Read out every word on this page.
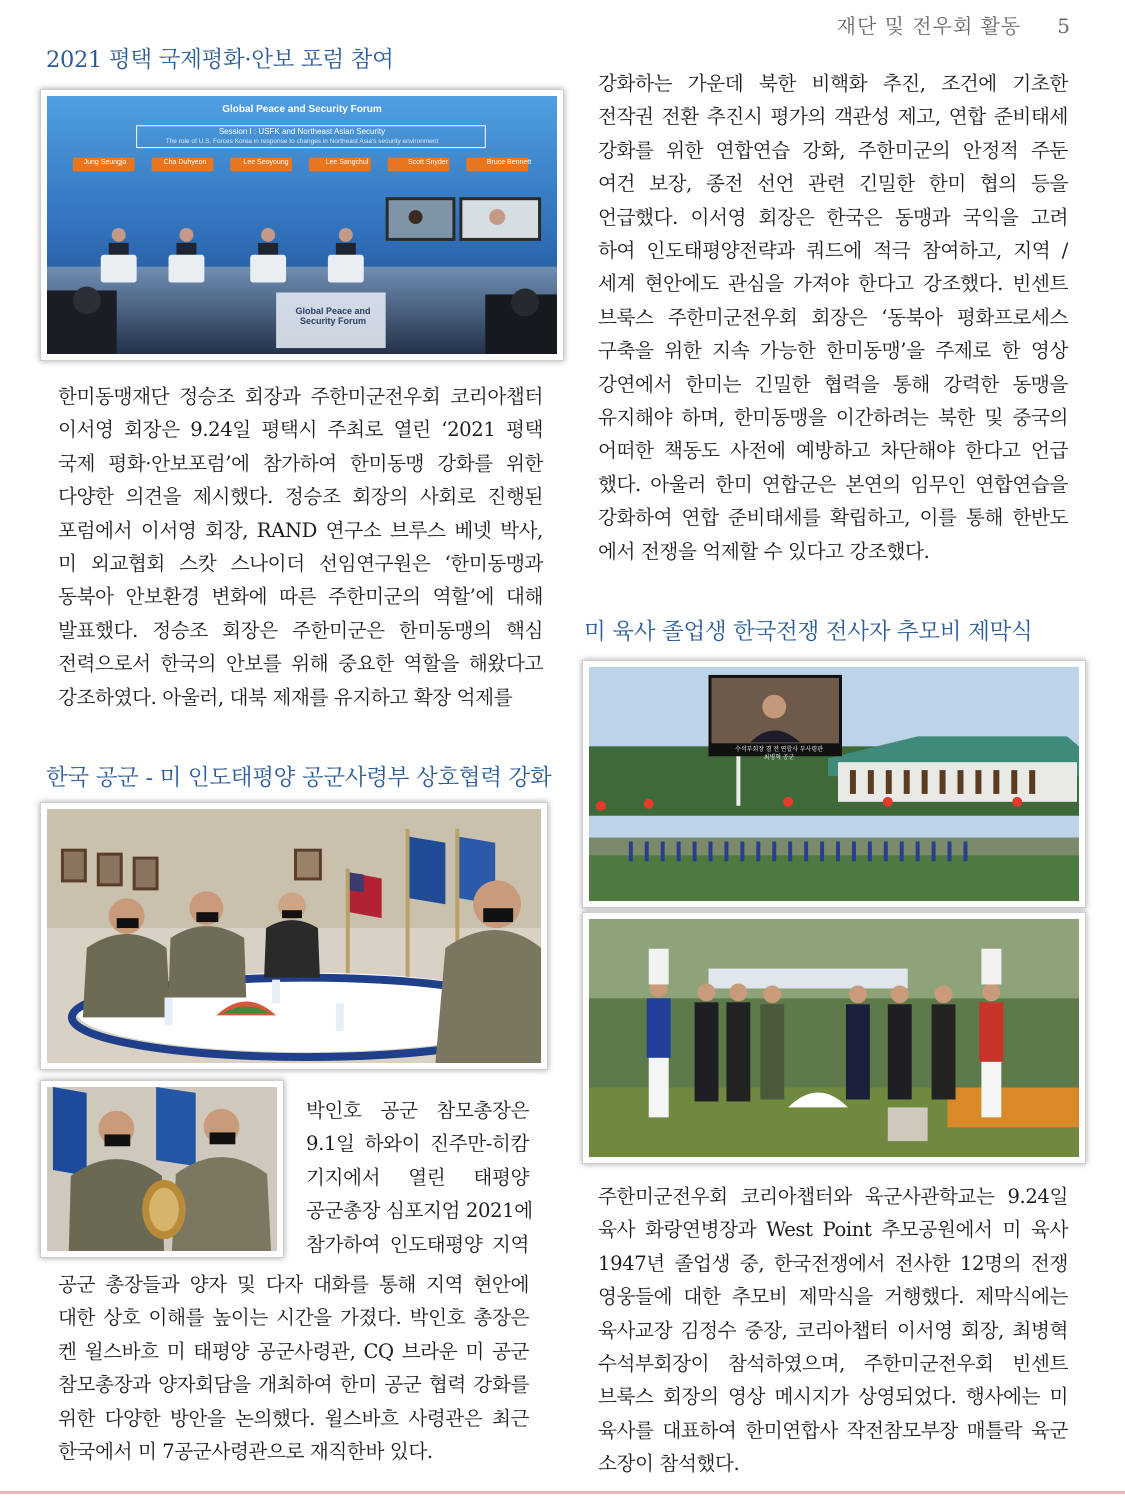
재단 및 전우회 활동 5
2021 평택 국제평화·안보 포럼 참여
Global Peace and Security Forum
Session I : USFK and Northeast Asian Security
The role of U.S. Forces Korea in response to changes in Northeast Asia's security environment
Jung Seungjo	Cha Duhyeon	Lee Seoyoung	Lee Sangchul	Scott Snyder	Bruce Bennett
Global Peace and Security Forum
한미동맹재단 정승조 회장과 주한미군전우회 코리아챕터
이서영 회장은 9.24일 평택시 주최로 열린 ‘2021 평택
국제 평화·안보포럼’에 참가하여 한미동맹 강화를 위한
다양한 의견을 제시했다. 정승조 회장의 사회로 진행된
포럼에서 이서영 회장, RAND 연구소 브루스 베넷 박사,
미 외교협회 스캇 스나이더 선임연구원은 ‘한미동맹과
동북아 안보환경 변화에 따른 주한미군의 역할’에 대해
발표했다. 정승조 회장은 주한미군은 한미동맹의 핵심
전력으로서 한국의 안보를 위해 중요한 역할을 해왔다고
강조하였다. 아울러, 대북 제재를 유지하고 확장 억제를
강화하는 가운데 북한 비핵화 추진, 조건에 기초한
전작권 전환 추진시 평가의 객관성 제고, 연합 준비태세
강화를 위한 연합연습 강화, 주한미군의 안정적 주둔
여건 보장, 종전 선언 관련 긴밀한 한미 협의 등을
언급했다. 이서영 회장은 한국은 동맹과 국익을 고려
하여 인도태평양전략과 쿼드에 적극 참여하고, 지역 /
세계 현안에도 관심을 가져야 한다고 강조했다. 빈센트
브룩스 주한미군전우회 회장은 ‘동북아 평화프로세스
구축을 위한 지속 가능한 한미동맹’을 주제로 한 영상
강연에서 한미는 긴밀한 협력을 통해 강력한 동맹을
유지해야 하며, 한미동맹을 이간하려는 북한 및 중국의
어떠한 책동도 사전에 예방하고 차단해야 한다고 언급
했다. 아울러 한미 연합군은 본연의 임무인 연합연습을
강화하여 연합 준비태세를 확립하고, 이를 통해 한반도
에서 전쟁을 억제할 수 있다고 강조했다.
한국 공군 - 미 인도태평양 공군사령부 상호협력 강화
박인호 공군 참모총장은
9.1일 하와이 진주만-히캄
기지에서 열린 태평양
공군총장 심포지엄 2021에
참가하여 인도태평양 지역
공군 총장들과 양자 및 다자 대화를 통해 지역 현안에
대한 상호 이해를 높이는 시간을 가졌다. 박인호 총장은
켄 윌스바흐 미 태평양 공군사령관, CQ 브라운 미 공군
참모총장과 양자회담을 개최하여 한미 공군 협력 강화를
위한 다양한 방안을 논의했다. 윌스바흐 사령관은 최근
한국에서 미 7공군사령관으로 재직한바 있다.
미 육사 졸업생 한국전쟁 전사자 추모비 제막식
수석부회장 겸 전 연합사 부사령관
최병혁 공군
주한미군전우회 코리아챕터와 육군사관학교는 9.24일
육사 화랑연병장과 West Point 추모공원에서 미 육사
1947년 졸업생 중, 한국전쟁에서 전사한 12명의 전쟁
영웅들에 대한 추모비 제막식을 거행했다. 제막식에는
육사교장 김정수 중장, 코리아챕터 이서영 회장, 최병혁
수석부회장이 참석하였으며, 주한미군전우회 빈센트
브룩스 회장의 영상 메시지가 상영되었다. 행사에는 미
육사를 대표하여 한미연합사 작전참모부장 매틀락 육군
소장이 참석했다.
